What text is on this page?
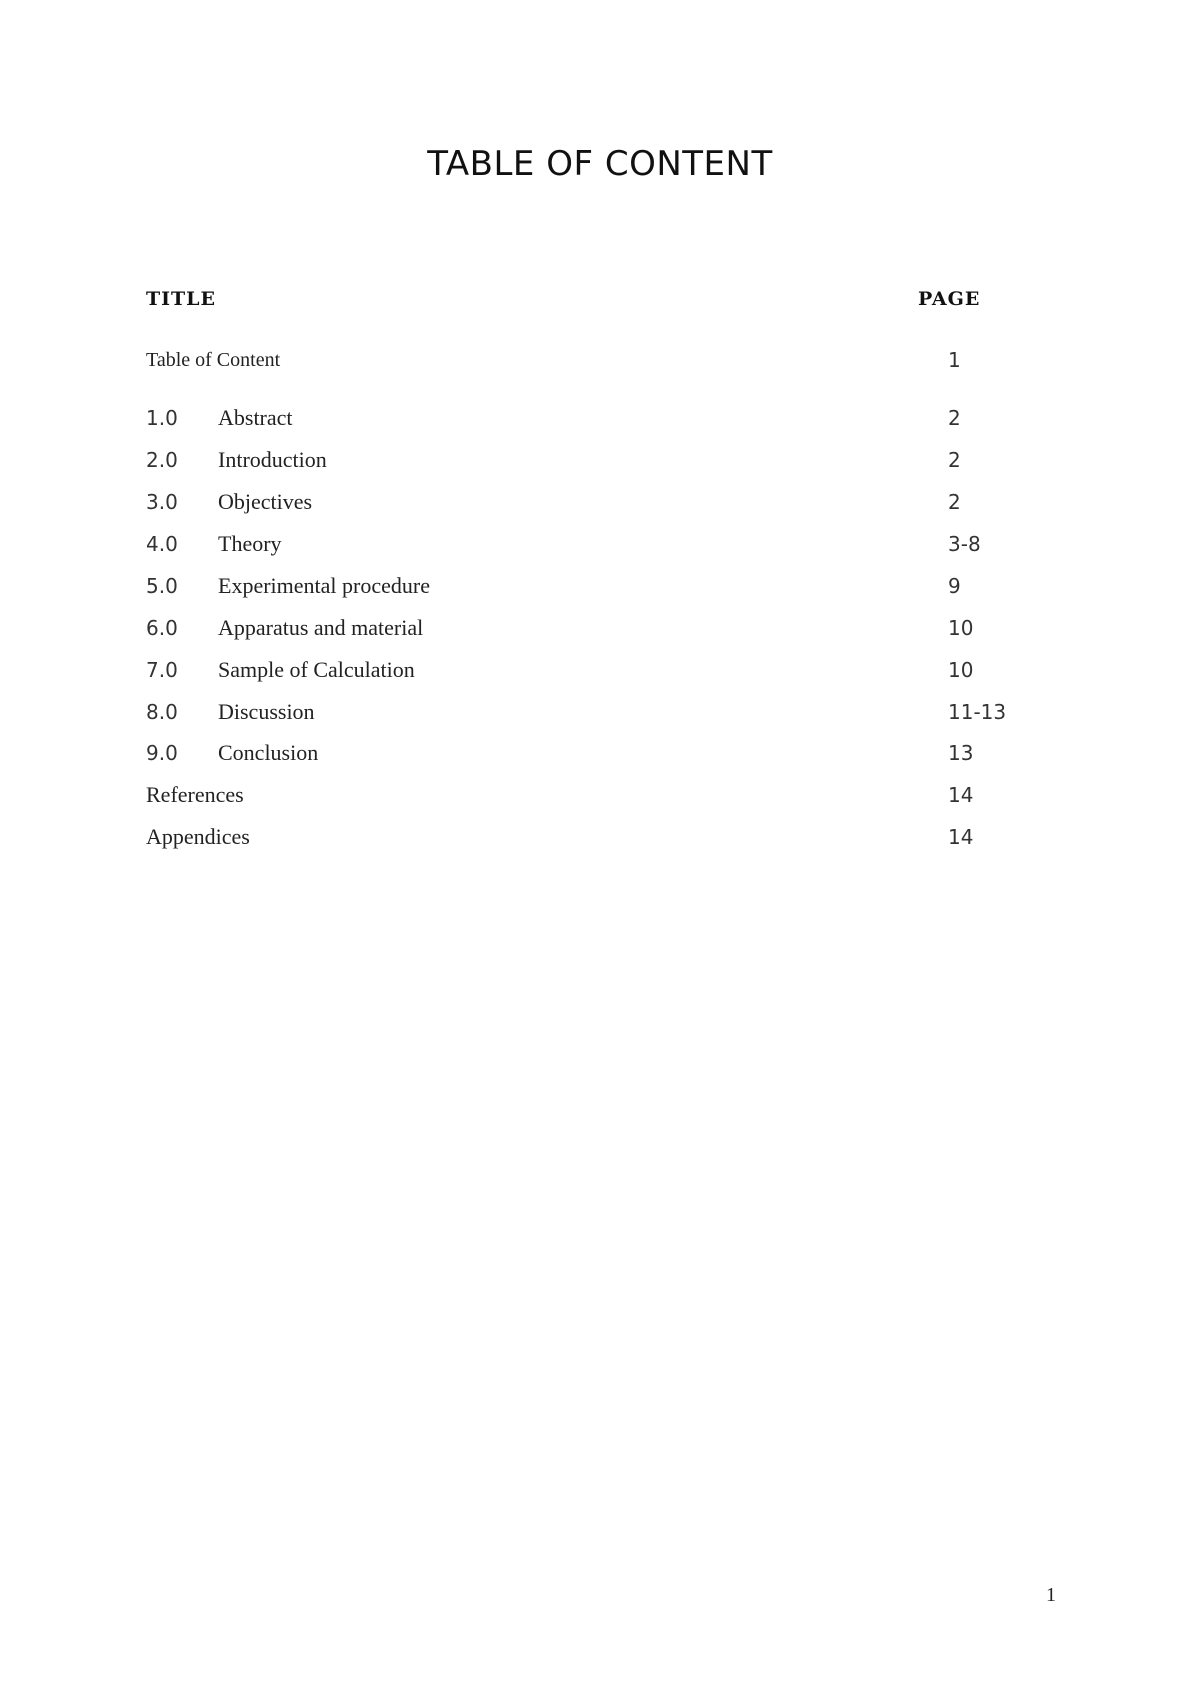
TABLE OF CONTENT
TITLE	PAGE
Table of Content	1
1.0 Abstract	2
2.0 Introduction	2
3.0 Objectives	2
4.0 Theory	3-8
5.0 Experimental procedure	9
6.0 Apparatus and material	10
7.0 Sample of Calculation	10
8.0 Discussion	11-13
9.0 Conclusion	13
References	14
Appendices	14
1
